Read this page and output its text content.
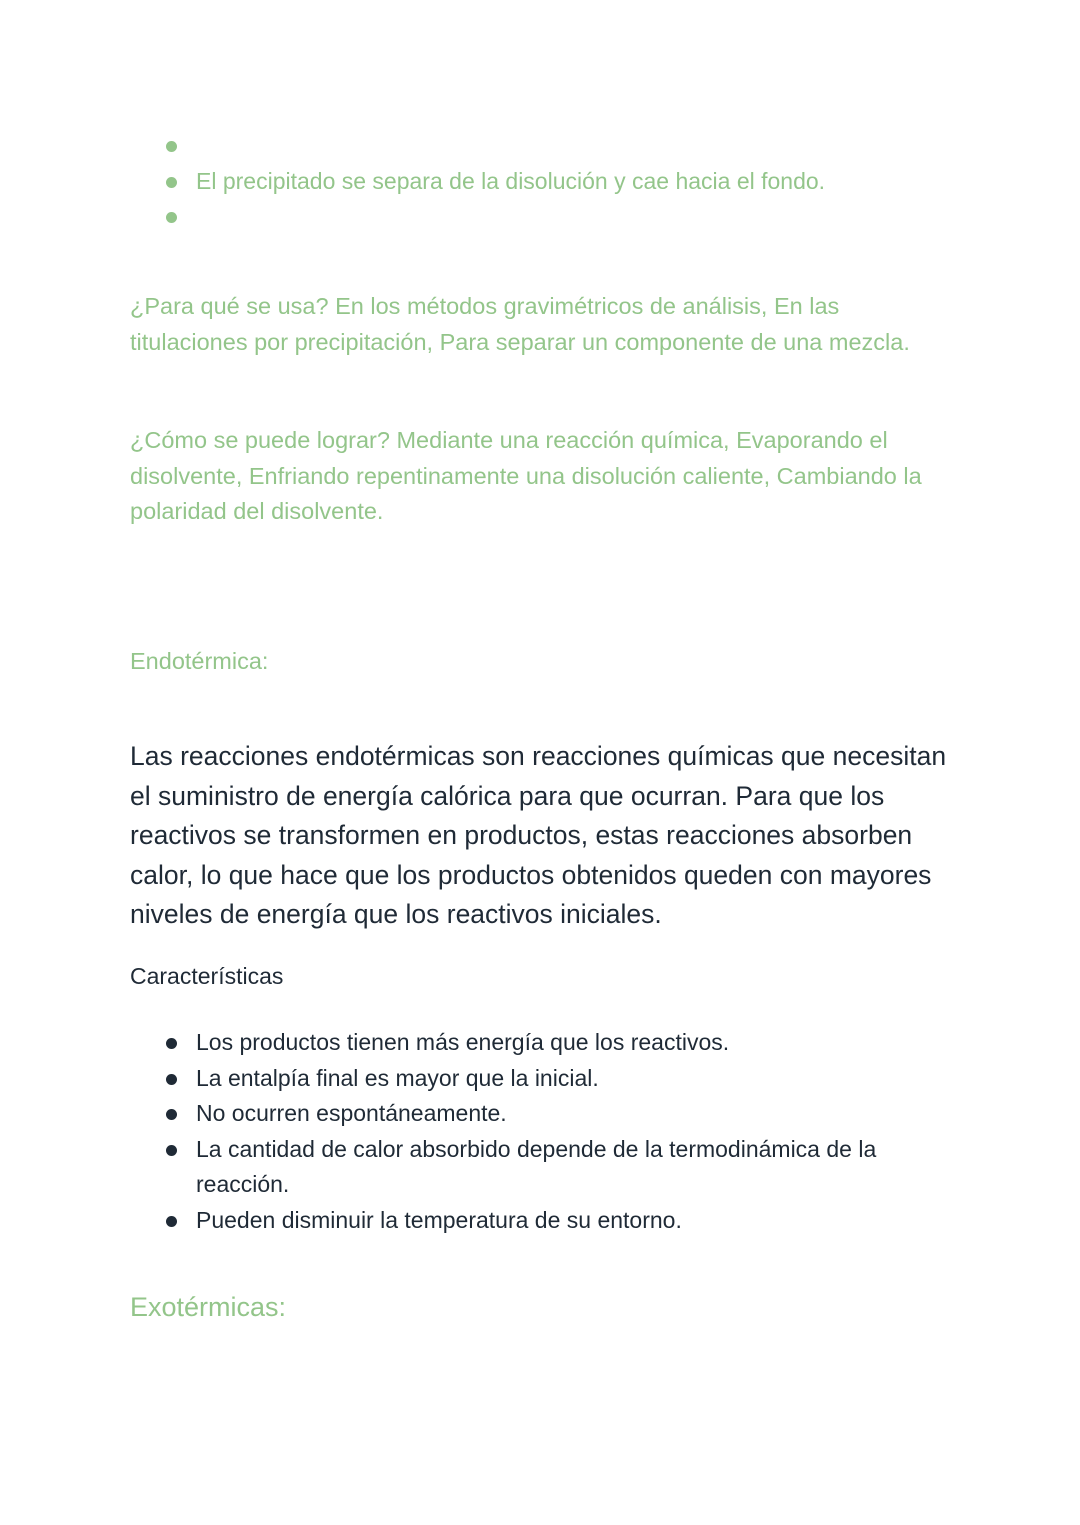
El precipitado se separa de la disolución y cae hacia el fondo.

¿Para qué se usa? En los métodos gravimétricos de análisis, En las titulaciones por precipitación, Para separar un componente de una mezcla.

¿Cómo se puede lograr? Mediante una reacción química, Evaporando el disolvente, Enfriando repentinamente una disolución caliente, Cambiando la polaridad del disolvente.

Endotérmica:

Las reacciones endotérmicas son reacciones químicas que necesitan el suministro de energía calórica para que ocurran. Para que los reactivos se transformen en productos, estas reacciones absorben calor, lo que hace que los productos obtenidos queden con mayores niveles de energía que los reactivos iniciales.

Características
Los productos tienen más energía que los reactivos.
La entalpía final es mayor que la inicial.
No ocurren espontáneamente.
La cantidad de calor absorbido depende de la termodinámica de la reacción.
Pueden disminuir la temperatura de su entorno.
Exotérmicas:
